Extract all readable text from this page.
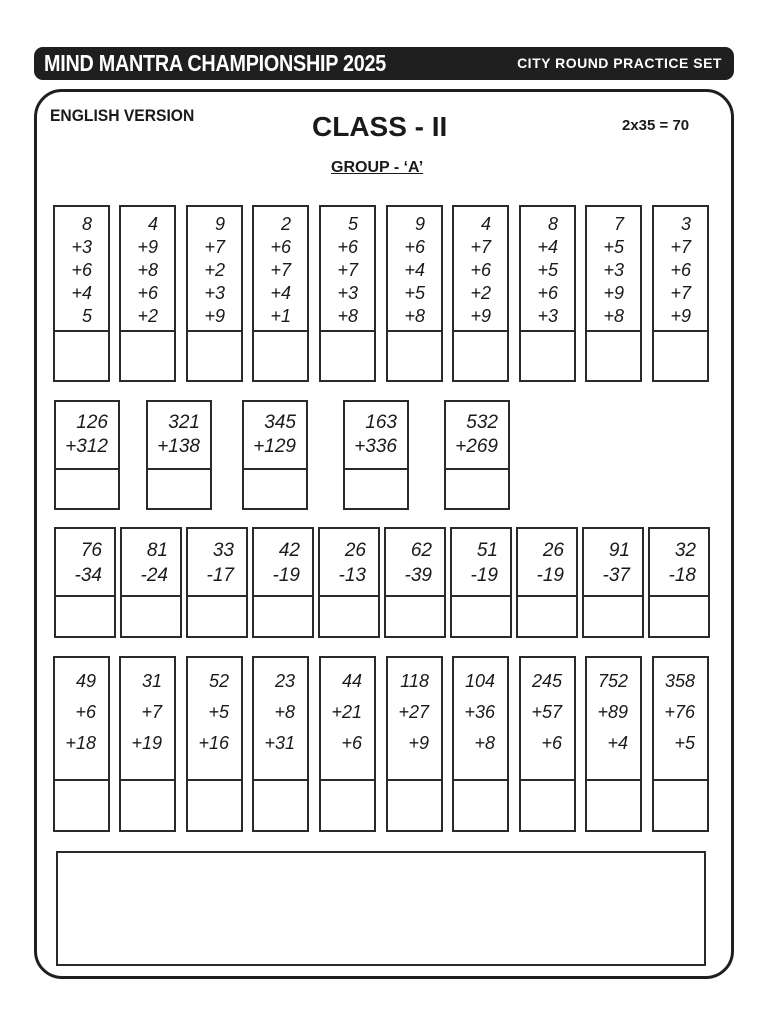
MIND MANTRA CHAMPIONSHIP 2025	CITY ROUND PRACTICE SET
ENGLISH VERSION	CLASS - II	2x35 = 70
GROUP - ‘A’
8
+3
+6
+4
5
4
+9
+8
+6
+2
9
+7
+2
+3
+9
2
+6
+7
+4
+1
5
+6
+7
+3
+8
9
+6
+4
+5
+8
4
+7
+6
+2
+9
8
+4
+5
+6
+3
7
+5
+3
+9
+8
3
+7
+6
+7
+9
126
+312
321
+138
345
+129
163
+336
532
+269
76
-34
81
-24
33
-17
42
-19
26
-13
62
-39
51
-19
26
-19
91
-37
32
-18
49
+6
+18
31
+7
+19
52
+5
+16
23
+8
+31
44
+21
+6
118
+27
+9
104
+36
+8
245
+57
+6
752
+89
+4
358
+76
+5
